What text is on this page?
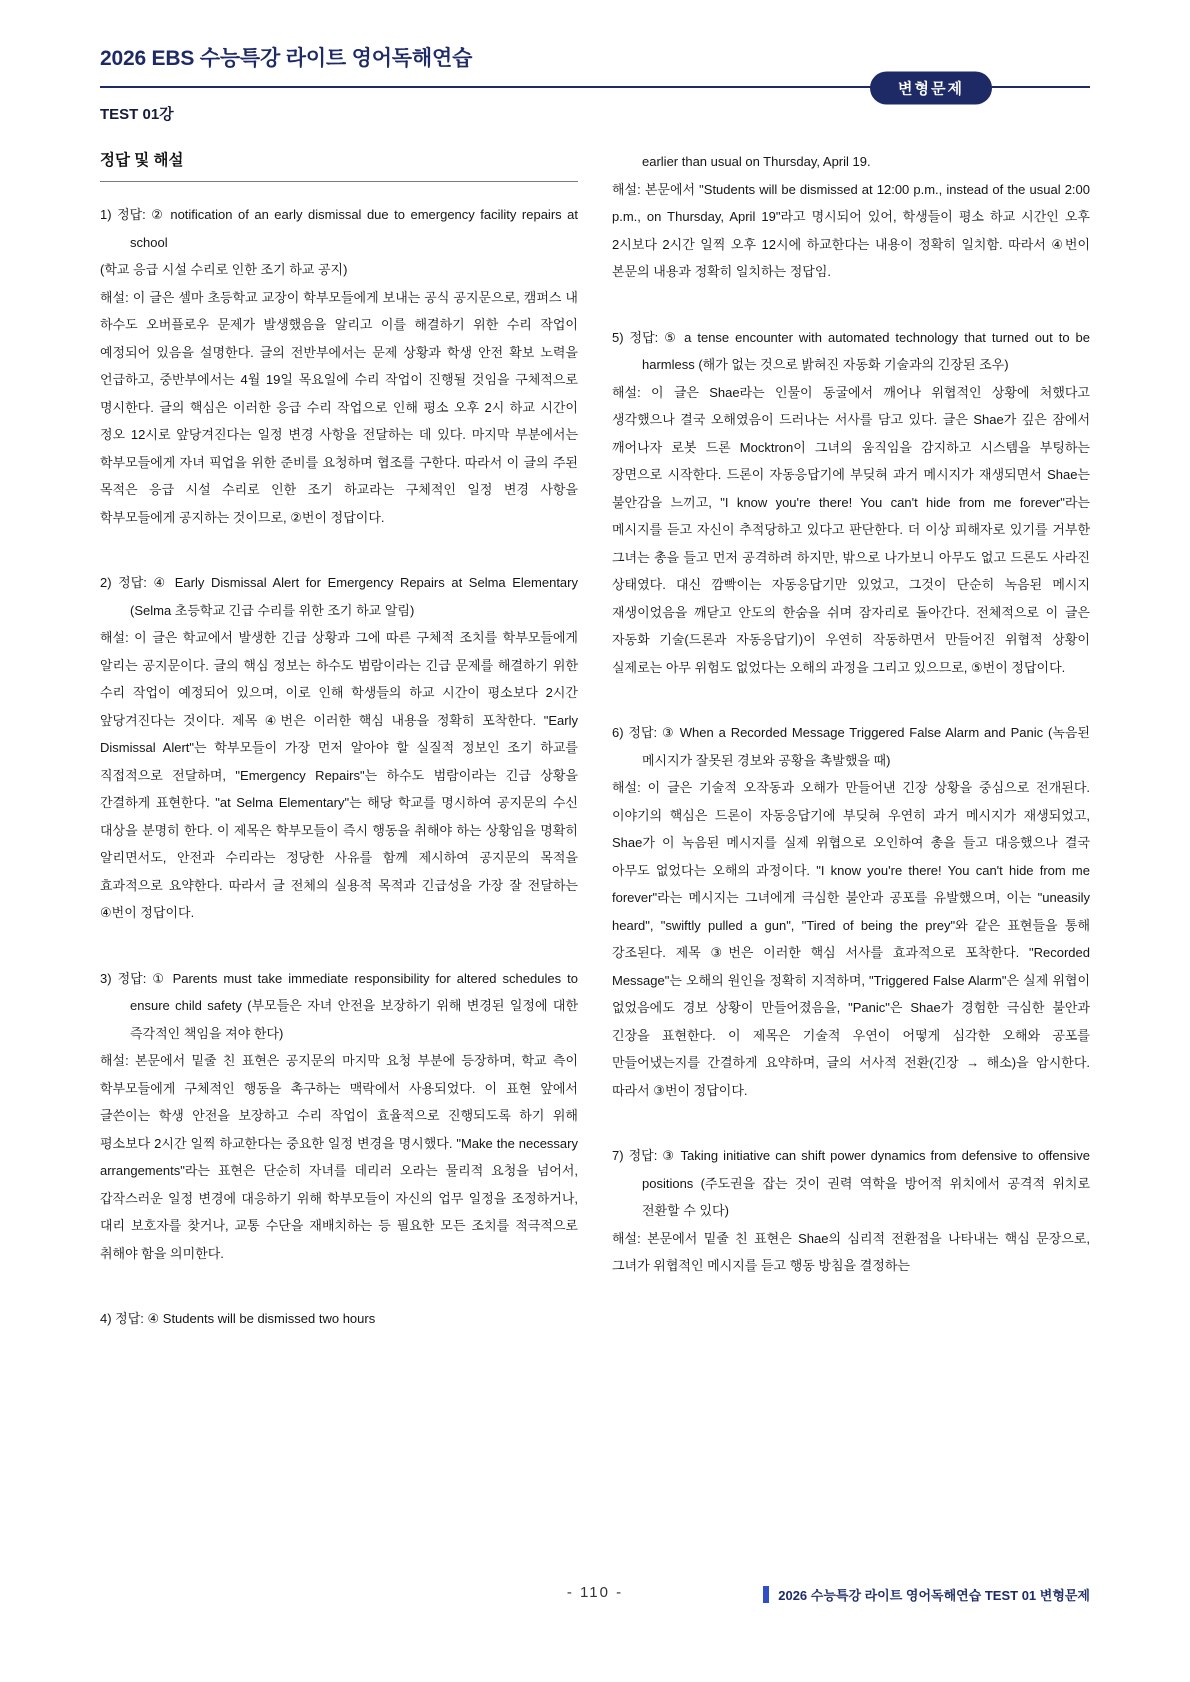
2026 EBS 수능특강 라이트 영어독해연습
변형문제
TEST 01강
정답 및 해설

1) 정답: ② notification of an early dismissal due to emergency facility repairs at school

(학교 응급 시설 수리로 인한 조기 하교 공지)

해설: 이 글은 셀마 초등학교 교장이 학부모들에게 보내는 공식 공지문으로, 캠퍼스 내 하수도 오버플로우 문제가 발생했음을 알리고 이를 해결하기 위한 수리 작업이 예정되어 있음을 설명한다. 글의 전반부에서는 문제 상황과 학생 안전 확보 노력을 언급하고, 중반부에서는 4월 19일 목요일에 수리 작업이 진행될 것임을 구체적으로 명시한다. 글의 핵심은 이러한 응급 수리 작업으로 인해 평소 오후 2시 하교 시간이 정오 12시로 앞당겨진다는 일정 변경 사항을 전달하는 데 있다. 마지막 부분에서는 학부모들에게 자녀 픽업을 위한 준비를 요청하며 협조를 구한다. 따라서 이 글의 주된 목적은 응급 시설 수리로 인한 조기 하교라는 구체적인 일정 변경 사항을 학부모들에게 공지하는 것이므로, ②번이 정답이다.

2) 정답: ④ Early Dismissal Alert for Emergency Repairs at Selma Elementary (Selma 초등학교 긴급 수리를 위한 조기 하교 알림)

해설: 이 글은 학교에서 발생한 긴급 상황과 그에 따른 구체적 조치를 학부모들에게 알리는 공지문이다. 글의 핵심 정보는 하수도 범람이라는 긴급 문제를 해결하기 위한 수리 작업이 예정되어 있으며, 이로 인해 학생들의 하교 시간이 평소보다 2시간 앞당겨진다는 것이다. 제목 ④번은 이러한 핵심 내용을 정확히 포착한다. "Early Dismissal Alert"는 학부모들이 가장 먼저 알아야 할 실질적 정보인 조기 하교를 직접적으로 전달하며, "Emergency Repairs"는 하수도 범람이라는 긴급 상황을 간결하게 표현한다. "at Selma Elementary"는 해당 학교를 명시하여 공지문의 수신 대상을 분명히 한다. 이 제목은 학부모들이 즉시 행동을 취해야 하는 상황임을 명확히 알리면서도, 안전과 수리라는 정당한 사유를 함께 제시하여 공지문의 목적을 효과적으로 요약한다. 따라서 글 전체의 실용적 목적과 긴급성을 가장 잘 전달하는 ④번이 정답이다.

3) 정답: ① Parents must take immediate responsibility for altered schedules to ensure child safety (부모들은 자녀 안전을 보장하기 위해 변경된 일정에 대한 즉각적인 책임을 져야 한다)

해설: 본문에서 밑줄 친 표현은 공지문의 마지막 요청 부분에 등장하며, 학교 측이 학부모들에게 구체적인 행동을 촉구하는 맥락에서 사용되었다. 이 표현 앞에서 글쓴이는 학생 안전을 보장하고 수리 작업이 효율적으로 진행되도록 하기 위해 평소보다 2시간 일찍 하교한다는 중요한 일정 변경을 명시했다. "Make the necessary arrangements"라는 표현은 단순히 자녀를 데리러 오라는 물리적 요청을 넘어서, 갑작스러운 일정 변경에 대응하기 위해 학부모들이 자신의 업무 일정을 조정하거나, 대리 보호자를 찾거나, 교통 수단을 재배치하는 등 필요한 모든 조치를 적극적으로 취해야 함을 의미한다.

4) 정답: ④ Students will be dismissed two hours

earlier than usual on Thursday, April 19.

해설: 본문에서 "Students will be dismissed at 12:00 p.m., instead of the usual 2:00 p.m., on Thursday, April 19"라고 명시되어 있어, 학생들이 평소 하교 시간인 오후 2시보다 2시간 일찍 오후 12시에 하교한다는 내용이 정확히 일치함. 따라서 ④번이 본문의 내용과 정확히 일치하는 정답임.

5) 정답: ⑤ a tense encounter with automated technology that turned out to be harmless (해가 없는 것으로 밝혀진 자동화 기술과의 긴장된 조우)

해설: 이 글은 Shae라는 인물이 동굴에서 깨어나 위협적인 상황에 처했다고 생각했으나 결국 오해였음이 드러나는 서사를 담고 있다. 글은 Shae가 깊은 잠에서 깨어나자 로봇 드론 Mocktron이 그녀의 움직임을 감지하고 시스템을 부팅하는 장면으로 시작한다. 드론이 자동응답기에 부딪혀 과거 메시지가 재생되면서 Shae는 불안감을 느끼고, "I know you're there! You can't hide from me forever"라는 메시지를 듣고 자신이 추적당하고 있다고 판단한다. 더 이상 피해자로 있기를 거부한 그녀는 총을 들고 먼저 공격하려 하지만, 밖으로 나가보니 아무도 없고 드론도 사라진 상태였다. 대신 깜빡이는 자동응답기만 있었고, 그것이 단순히 녹음된 메시지 재생이었음을 깨닫고 안도의 한숨을 쉬며 잠자리로 돌아간다. 전체적으로 이 글은 자동화 기술(드론과 자동응답기)이 우연히 작동하면서 만들어진 위협적 상황이 실제로는 아무 위험도 없었다는 오해의 과정을 그리고 있으므로, ⑤번이 정답이다.

6) 정답: ③ When a Recorded Message Triggered False Alarm and Panic (녹음된 메시지가 잘못된 경보와 공황을 촉발했을 때)

해설: 이 글은 기술적 오작동과 오해가 만들어낸 긴장 상황을 중심으로 전개된다. 이야기의 핵심은 드론이 자동응답기에 부딪혀 우연히 과거 메시지가 재생되었고, Shae가 이 녹음된 메시지를 실제 위협으로 오인하여 총을 들고 대응했으나 결국 아무도 없었다는 오해의 과정이다. "I know you're there! You can't hide from me forever"라는 메시지는 그녀에게 극심한 불안과 공포를 유발했으며, 이는 "uneasily heard", "swiftly pulled a gun", "Tired of being the prey"와 같은 표현들을 통해 강조된다. 제목 ③번은 이러한 핵심 서사를 효과적으로 포착한다. "Recorded Message"는 오해의 원인을 정확히 지적하며, "Triggered False Alarm"은 실제 위협이 없었음에도 경보 상황이 만들어졌음을, "Panic"은 Shae가 경험한 극심한 불안과 긴장을 표현한다. 이 제목은 기술적 우연이 어떻게 심각한 오해와 공포를 만들어냈는지를 간결하게 요약하며, 글의 서사적 전환(긴장 → 해소)을 암시한다. 따라서 ③번이 정답이다.

7) 정답: ③ Taking initiative can shift power dynamics from defensive to offensive positions (주도권을 잡는 것이 권력 역학을 방어적 위치에서 공격적 위치로 전환할 수 있다)

해설: 본문에서 밑줄 친 표현은 Shae의 심리적 전환점을 나타내는 핵심 문장으로, 그녀가 위협적인 메시지를 듣고 행동 방침을 결정하는

- 110 -	2026 수능특강 라이트 영어독해연습 TEST 01 변형문제
